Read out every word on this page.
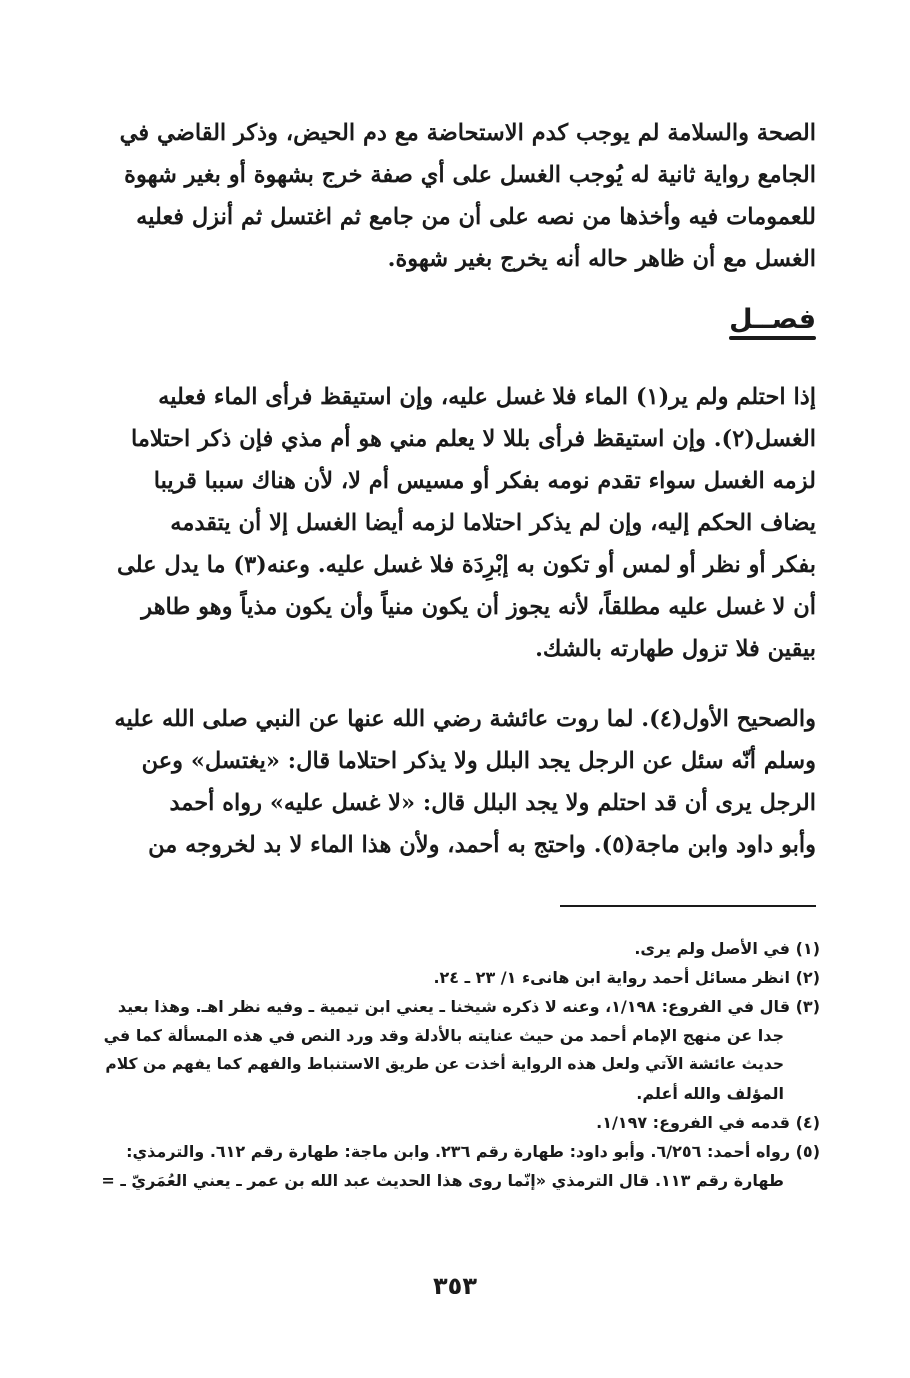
الصحة والسلامة لم يوجب كدم الاستحاضة مع دم الحيض، وذكر القاضي في
الجامع رواية ثانية له يُوجب الغسل على أي صفة خرج بشهوة أو بغير شهوة
للعمومات فيه وأخذها من نصه على أن من جامع ثم اغتسل ثم أنزل فعليه
الغسل مع أن ظاهر حاله أنه يخرج بغير شهوة.
فصــل
إذا احتلم ولم ير(١) الماء فلا غسل عليه، وإن استيقظ فرأى الماء فعليه
الغسل(٢). وإن استيقظ فرأى بللا لا يعلم مني هو أم مذي فإن ذكر احتلاما
لزمه الغسل سواء تقدم نومه بفكر أو مسيس أم لا، لأن هناك سببا قريبا
يضاف الحكم إليه، وإن لم يذكر احتلاما لزمه أيضا الغسل إلا أن يتقدمه
بفكر أو نظر أو لمس أو تكون به إبْرِدَة فلا غسل عليه. وعنه(٣) ما يدل على
أن لا غسل عليه مطلقاً، لأنه يجوز أن يكون منياً وأن يكون مذياً وهو طاهر
بيقين فلا تزول طهارته بالشك.
والصحيح الأول(٤). لما روت عائشة رضي الله عنها عن النبي صلى الله عليه
وسلم أنّه سئل عن الرجل يجد البلل ولا يذكر احتلاما قال: «يغتسل» وعن
الرجل يرى أن قد احتلم ولا يجد البلل قال: «لا غسل عليه» رواه أحمد
وأبو داود وابن ماجة(٥). واحتج به أحمد، ولأن هذا الماء لا بد لخروجه من
(١) في الأصل ولم يرى.
(٢) انظر مسائل أحمد رواية ابن هانىء ١/ ٢٣ ـ ٢٤.
(٣) قال في الفروع: ١/١٩٨، وعنه لا ذكره شيخنا ـ يعني ابن تيمية ـ وفيه نظر اهـ. وهذا بعيد
جدا عن منهج الإمام أحمد من حيث عنايته بالأدلة وقد ورد النص في هذه المسألة كما في
حديث عائشة الآتي ولعل هذه الرواية أخذت عن طريق الاستنباط والفهم كما يفهم من كلام
المؤلف والله أعلم.
(٤) قدمه في الفروع: ١/١٩٧.
(٥) رواه أحمد: ٦/٢٥٦. وأبو داود: طهارة رقم ٢٣٦. وابن ماجة: طهارة رقم ٦١٢. والترمذي:
طهارة رقم ١١٣. قال الترمذي «إنّما روى هذا الحديث عبد الله بن عمر ـ يعني العُمَريّ ـ =
٣٥٣
